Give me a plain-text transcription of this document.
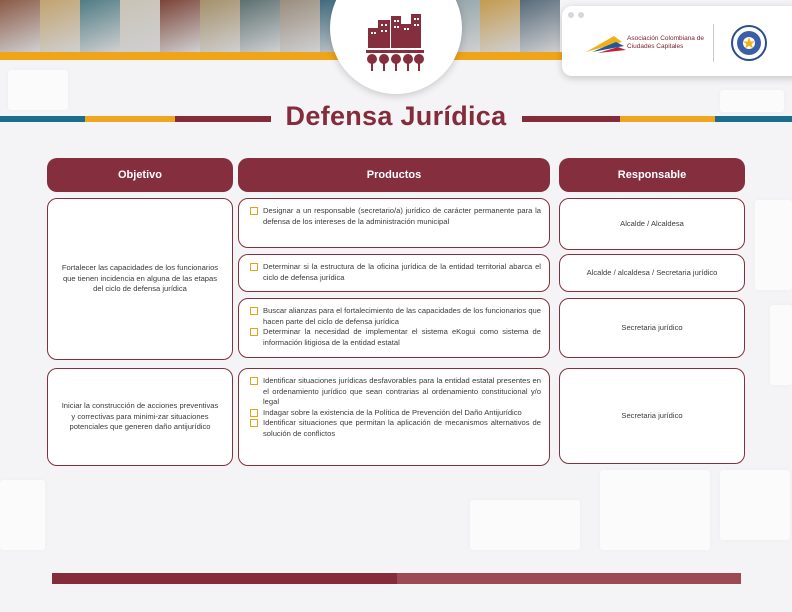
Asociación Colombiana de Ciudades Capitales
Defensa Jurídica
Objetivo	Productos	Responsable
Fortalecer las capacidades de los funcionarios que tienen incidencia en alguna de las etapas del ciclo de defensa jurídica
Iniciar la construcción de acciones preventivas y correctivas para minimi-zar situaciones potenciales que generen daño antijurídico
Designar a un responsable (secretario/a) jurídico de carácter permanente para la defensa de los intereses de la administración municipal
Determinar si la estructura de la oficina jurídica de la entidad territorial abarca el ciclo de defensa jurídica
Buscar alianzas para el fortalecimiento de las capacidades de los funcionarios que hacen parte del ciclo de defensa jurídica
Determinar la necesidad de implementar el sistema eKogui como sistema de información litigiosa de la entidad estatal
Identificar situaciones jurídicas desfavorables para la entidad estatal presentes en el ordenamiento jurídico que sean contrarias al ordenamiento constitucional y/o legal
Indagar sobre la existencia de la Política de Prevención del Daño Antijurídico
Identificar situaciones que permitan la aplicación de mecanismos alternativos de solución de conflictos
Alcalde / Alcaldesa
Alcalde / alcaldesa / Secretaria jurídico
Secretaria jurídico
Secretaria jurídico
